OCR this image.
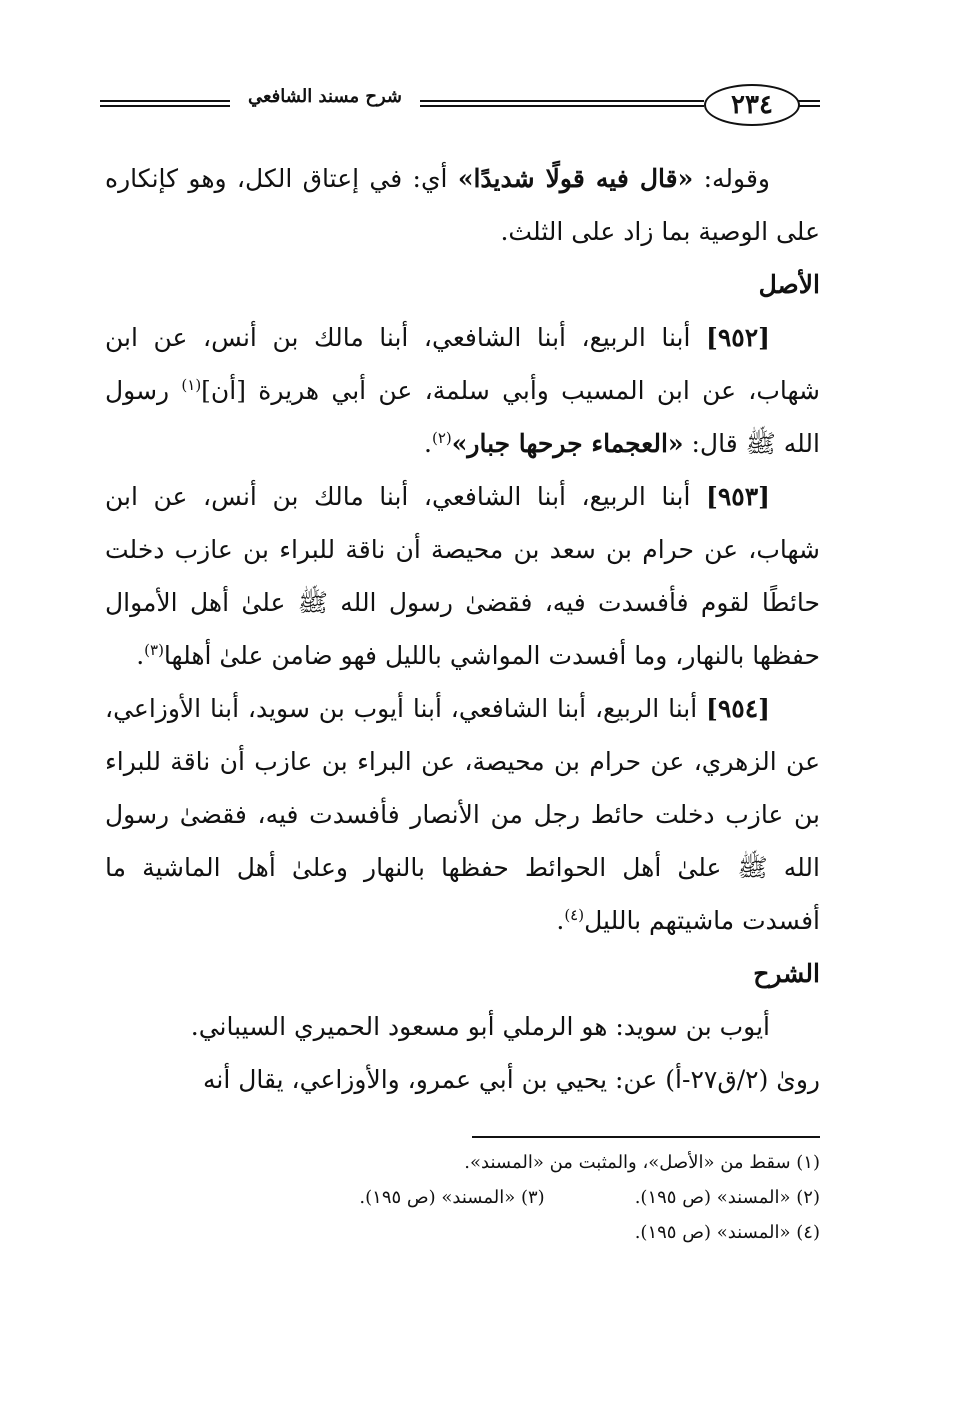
٢٣٤
شرح مسند الشافعي

وقوله: «قال فيه قولًا شديدًا» أي: في إعتاق الكل، وهو كإنكاره على الوصية بما زاد على الثلث.

الأصل

[٩٥٢] أبنا الربيع، أبنا الشافعي، أبنا مالك بن أنس، عن ابن شهاب، عن ابن المسيب وأبي سلمة، عن أبي هريرة [أن]$^{(١)}$ رسول الله ﷺ قال: «العجماء جرحها جبار»$^{(٢)}$.

[٩٥٣] أبنا الربيع، أبنا الشافعي، أبنا مالك بن أنس، عن ابن شهاب، عن حرام بن سعد بن محيصة أن ناقة للبراء بن عازب دخلت حائطًا لقوم فأفسدت فيه، فقضىٰ رسول الله ﷺ علىٰ أهل الأموال حفظها بالنهار، وما أفسدت المواشي بالليل فهو ضامن علىٰ أهلها$^{(٣)}$.

[٩٥٤] أبنا الربيع، أبنا الشافعي، أبنا أيوب بن سويد، أبنا الأوزاعي، عن الزهري، عن حرام بن محيصة، عن البراء بن عازب أن ناقة للبراء بن عازب دخلت حائط رجل من الأنصار فأفسدت فيه، فقضىٰ رسول الله ﷺ علىٰ أهل الحوائط حفظها بالنهار وعلىٰ أهل الماشية ما أفسدت ماشيتهم بالليل$^{(٤)}$.

الشرح

أيوب بن سويد: هو الرملي أبو مسعود الحميري السيباني.

روىٰ (٢/ق٢٧-أ) عن: يحيي بن أبي عمرو، والأوزاعي، يقال أنه

(١) سقط من «الأصل»، والمثبت من «المسند».
(٢) «المسند» (ص ١٩٥).
(٣) «المسند» (ص ١٩٥).
(٤) «المسند» (ص ١٩٥).
